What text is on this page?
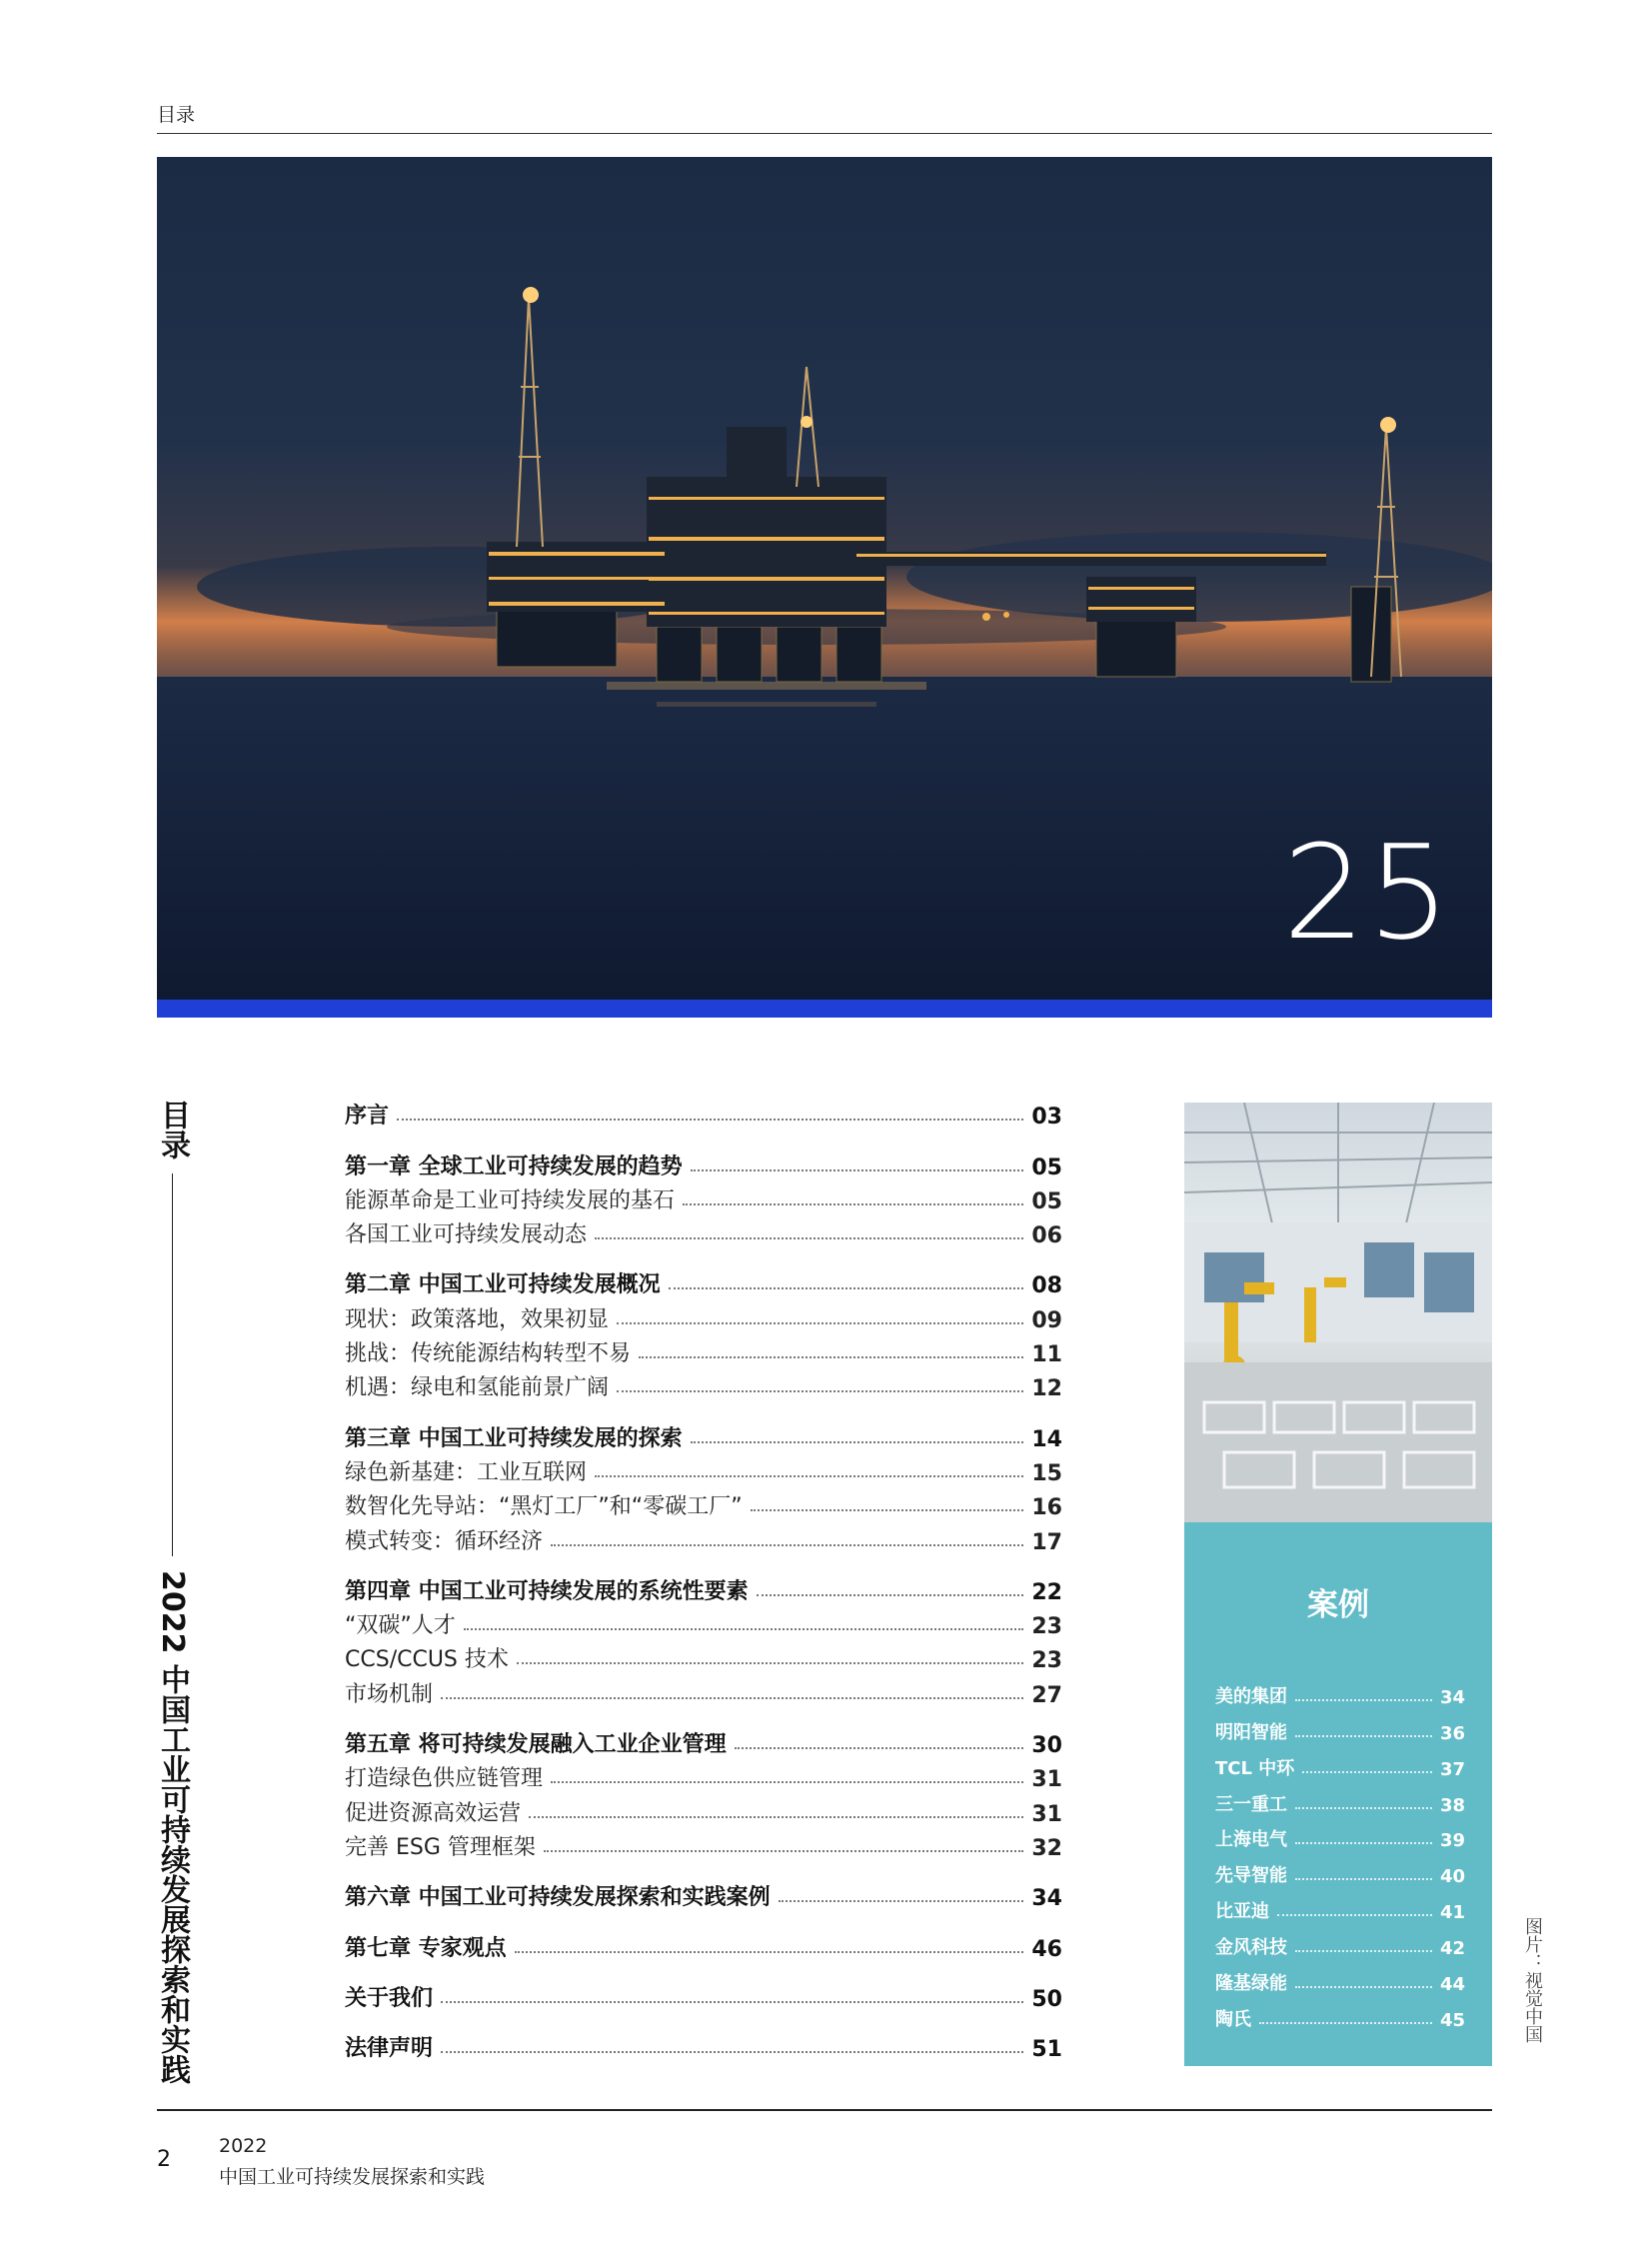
目录
25
目录
2022 中国工业可持续发展探索和实践
序言	03
第一章 全球工业可持续发展的趋势	05
能源革命是工业可持续发展的基石	05
各国工业可持续发展动态	06
第二章 中国工业可持续发展概况	08
现状：政策落地，效果初显	09
挑战：传统能源结构转型不易	11
机遇：绿电和氢能前景广阔	12
第三章 中国工业可持续发展的探索	14
绿色新基建：工业互联网	15
数智化先导站：“黑灯工厂”和“零碳工厂”	16
模式转变：循环经济	17
第四章 中国工业可持续发展的系统性要素	22
“双碳”人才	23
CCS/CCUS 技术	23
市场机制	27
第五章 将可持续发展融入工业企业管理	30
打造绿色供应链管理	31
促进资源高效运营	31
完善 ESG 管理框架	32
第六章 中国工业可持续发展探索和实践案例	34
第七章 专家观点	46
关于我们	50
法律声明	51
案例
美的集团	34
明阳智能	36
TCL 中环	37
三一重工	38
上海电气	39
先导智能	40
比亚迪	41
金风科技	42
隆基绿能	44
陶氏	45	图片：视觉中国
2
2022
中国工业可持续发展探索和实践
